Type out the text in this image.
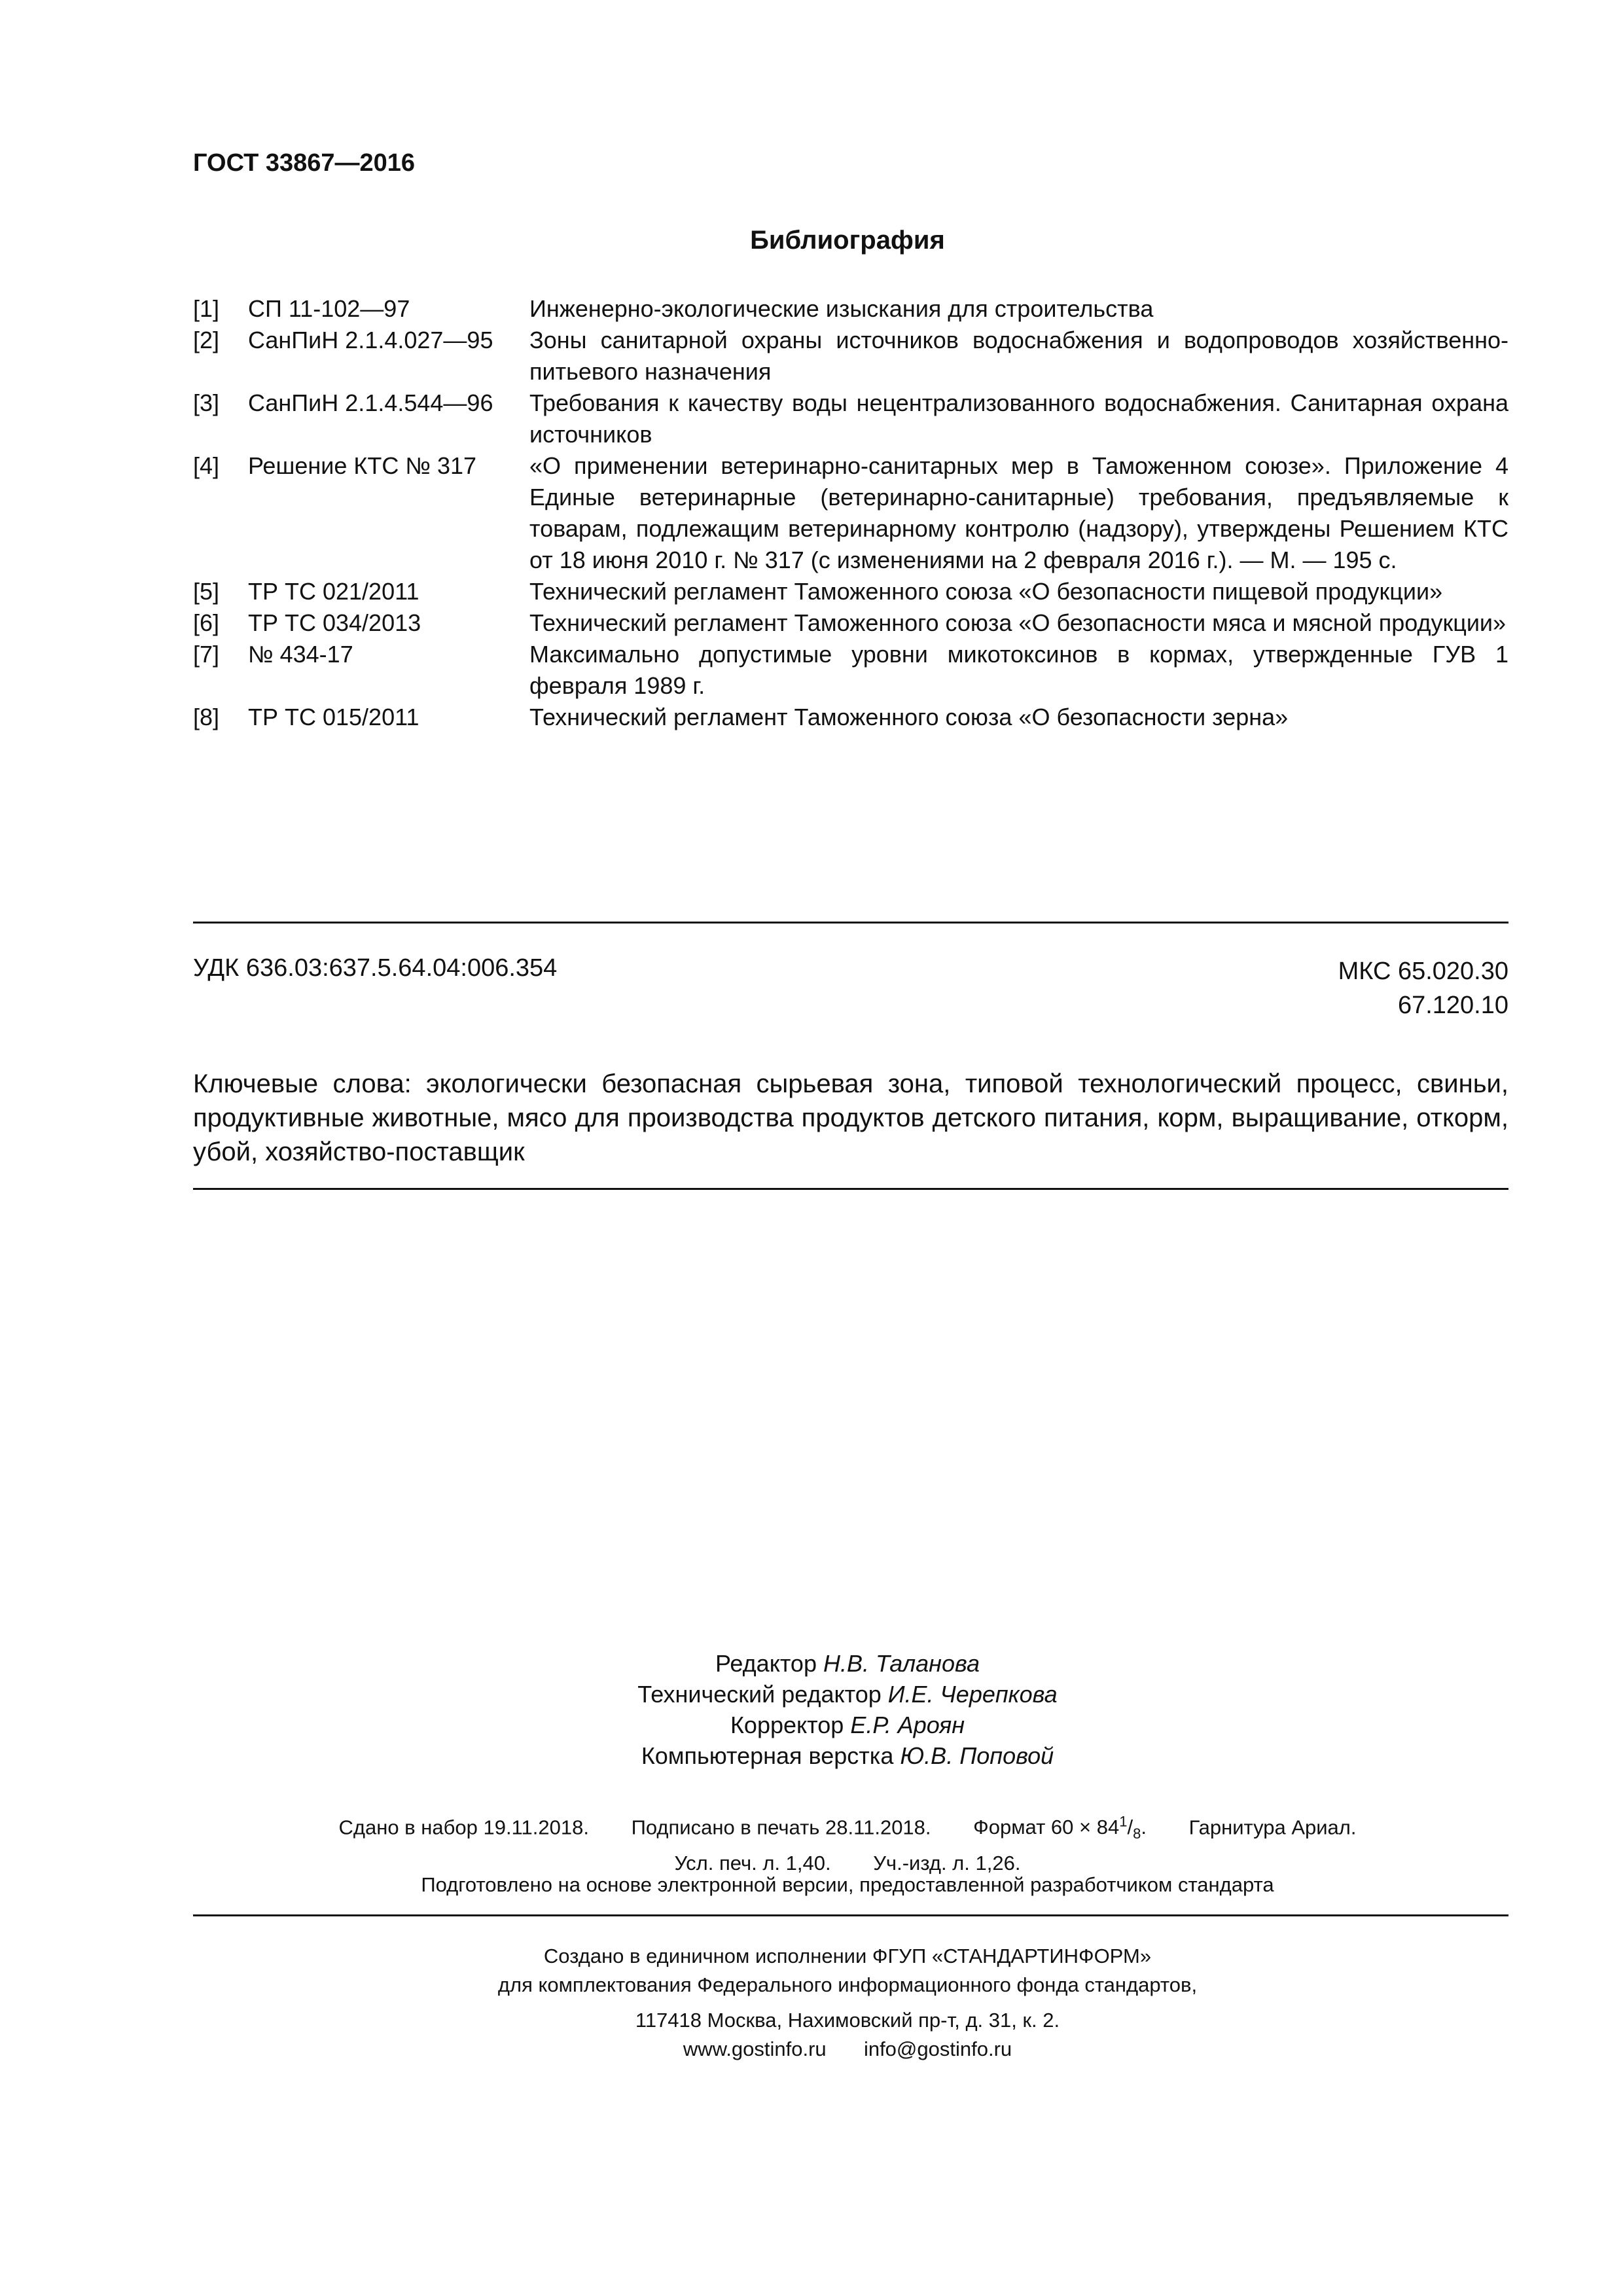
ГОСТ 33867—2016
Библиография
[1]	СП 11-102—97	Инженерно-экологические изыскания для строительства
[2]	СанПиН 2.1.4.027—95	Зоны санитарной охраны источников водоснабжения и водопроводов хозяйственно-питьевого назначения
[3]	СанПиН 2.1.4.544—96	Требования к качеству воды нецентрализованного водоснабжения. Санитарная охрана источников
[4]	Решение КТС № 317	«О применении ветеринарно-санитарных мер в Таможенном союзе». Приложение 4 Единые ветеринарные (ветеринарно-санитарные) требования, предъявляемые к товарам, подлежащим ветеринарному контролю (надзору), утверждены Решением КТС от 18 июня 2010 г. № 317 (с изменениями на 2 февраля 2016 г.). — М. — 195 с.
[5]	ТР ТС 021/2011	Технический регламент Таможенного союза «О безопасности пищевой продукции»
[6]	ТР ТС 034/2013	Технический регламент Таможенного союза «О безопасности мяса и мясной продукции»
[7]	№ 434-17	Максимально допустимые уровни микотоксинов в кормах, утвержденные ГУВ 1 февраля 1989 г.
[8]	ТР ТС 015/2011	Технический регламент Таможенного союза «О безопасности зерна»
УДК 636.03:637.5.64.04:006.354	МКС 65.020.30
67.120.10
Ключевые слова: экологически безопасная сырьевая зона, типовой технологический процесс, свиньи, продуктивные животные, мясо для производства продуктов детского питания, корм, выращивание, откорм, убой, хозяйство-поставщик
Редактор Н.В. Таланова
Технический редактор И.Е. Черепкова
Корректор Е.Р. Ароян
Компьютерная верстка Ю.В. Поповой
Сдано в набор 19.11.2018. Подписано в печать 28.11.2018. Формат $60 \times 84^1/_8$. Гарнитура Ариал.
Усл. печ. л. 1,40. Уч.-изд. л. 1,26.
Подготовлено на основе электронной версии, предоставленной разработчиком стандарта
Создано в единичном исполнении ФГУП «СТАНДАРТИНФОРМ»
для комплектования Федерального информационного фонда стандартов,
117418 Москва, Нахимовский пр-т, д. 31, к. 2.
www.gostinfo.ru info@gostinfo.ru
